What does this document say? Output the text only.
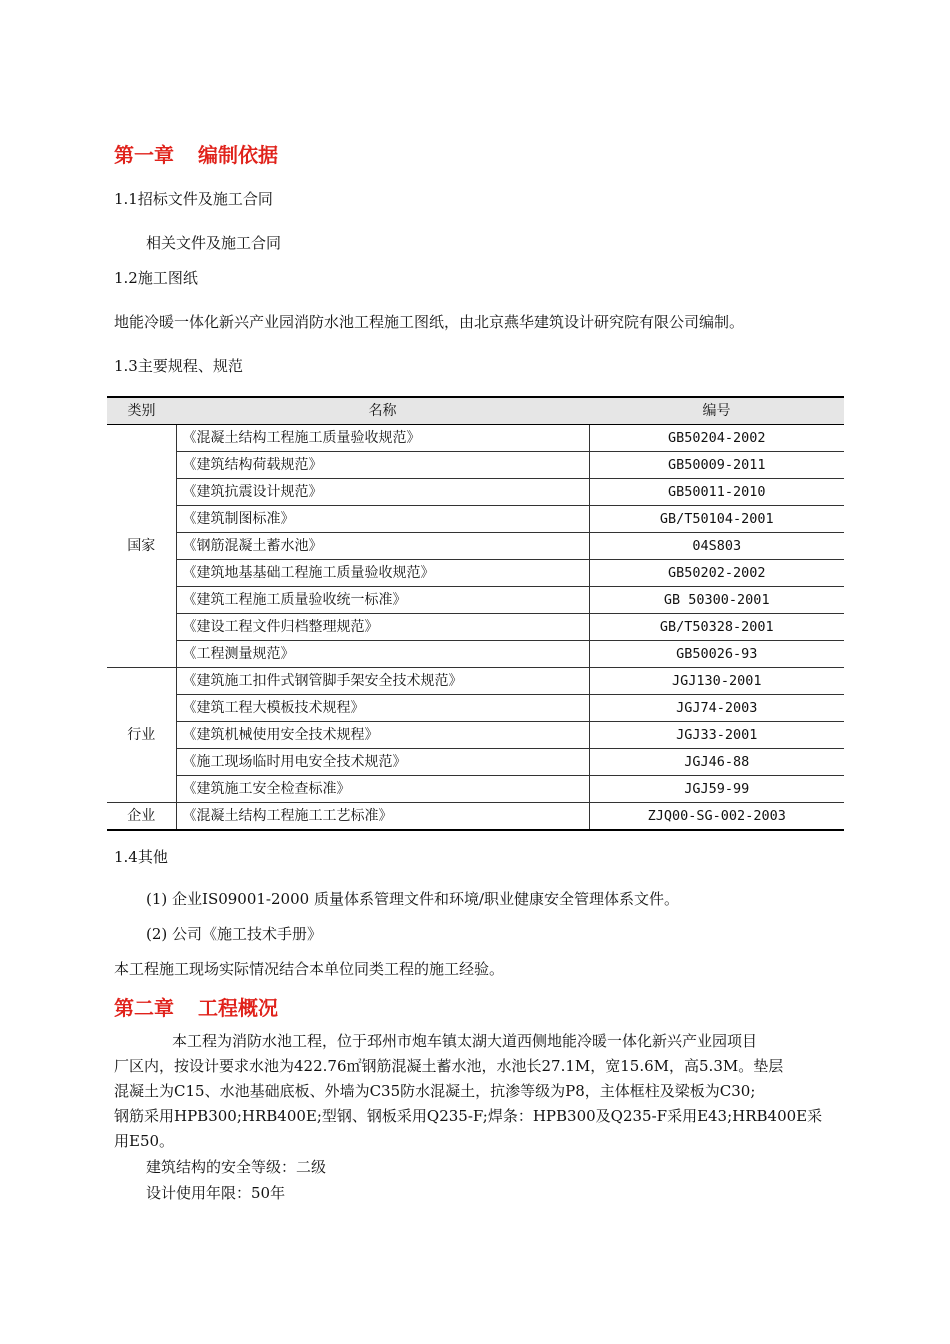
第一章 编制依据
1.1招标文件及施工合同
相关文件及施工合同
1.2施工图纸
地能冷暖一体化新兴产业园消防水池工程施工图纸，由北京燕华建筑设计研究院有限公司编制。
1.3主要规程、规范
类别	名称	编号
国家	《混凝土结构工程施工质量验收规范》	GB50204-2002
	《建筑结构荷载规范》	GB50009-2011
	《建筑抗震设计规范》	GB50011-2010
	《建筑制图标准》	GB/T50104-2001
	《钢筋混凝土蓄水池》	04S803
	《建筑地基基础工程施工质量验收规范》	GB50202-2002
	《建筑工程施工质量验收统一标准》	GB 50300-2001
	《建设工程文件归档整理规范》	GB/T50328-2001
	《工程测量规范》	GB50026-93
行业	《建筑施工扣件式钢管脚手架安全技术规范》	JGJ130-2001
	《建筑工程大模板技术规程》	JGJ74-2003
	《建筑机械使用安全技术规程》	JGJ33-2001
	《施工现场临时用电安全技术规范》	JGJ46-88
	《建筑施工安全检查标准》	JGJ59-99
企业	《混凝土结构工程施工工艺标准》	ZJQ00-SG-002-2003
1.4其他
(1) 企业IS09001-2000 质量体系管理文件和环境/职业健康安全管理体系文件。
(2) 公司《施工技术手册》
本工程施工现场实际情况结合本单位同类工程的施工经验。
第二章 工程概况
本工程为消防水池工程，位于邳州市炮车镇太湖大道西侧地能冷暖一体化新兴产业园项目
厂区内，按设计要求水池为422.76㎡钢筋混凝土蓄水池，水池长27.1M，宽15.6M，高5.3M。垫层
混凝土为C15、水池基础底板、外墙为C35防水混凝土，抗渗等级为P8，主体框柱及梁板为C30;
钢筋采用HPB300;HRB400E;型钢、钢板采用Q235-F;焊条：HPB300及Q235-F采用E43;HRB400E采
用E50。
建筑结构的安全等级：二级
设计使用年限：50年
